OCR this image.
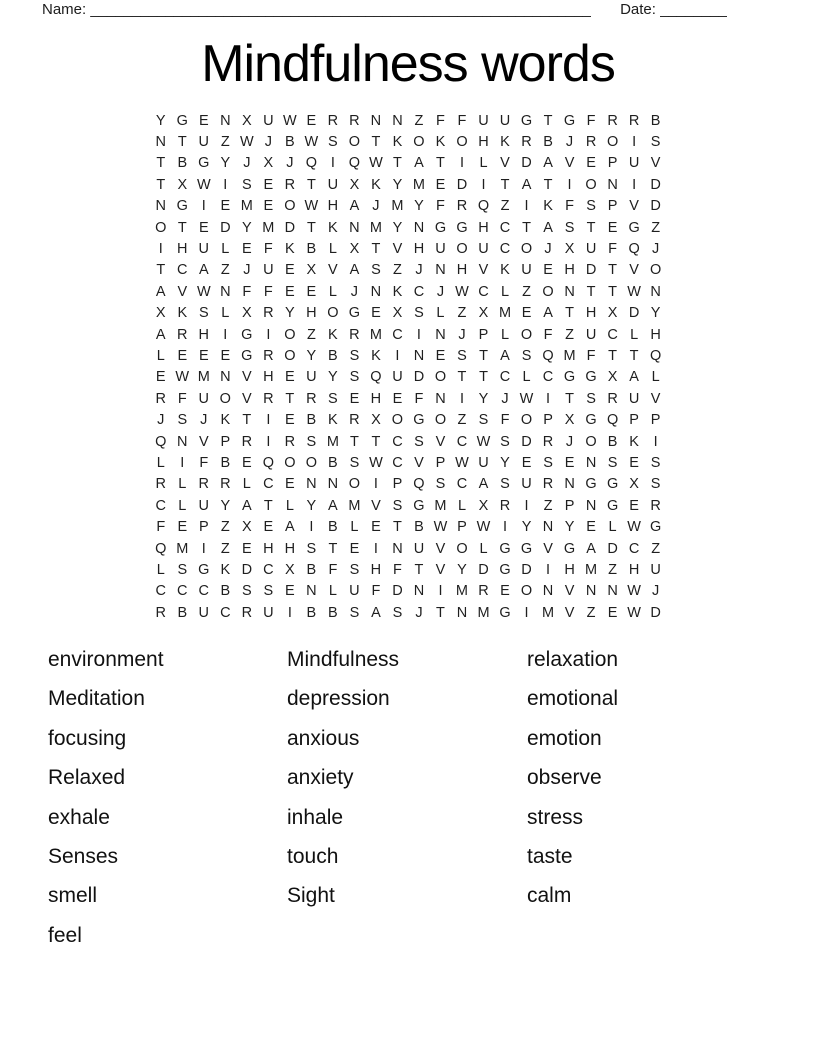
Name: ____________________________________________________________ Date: ________
Mindfulness words
Y G E N X U W E R R N N Z F F U U G T G F R R B
N T U Z W J B W S O T K O K O H K R B J R O I	S
T B G Y J X J Q I Q W T A T	I	L V D A V E P U V
T X W I	S E R T U X K Y M E D I	T A T	I O N I D
N G I	E M E O W H A J M Y F R Q Z	I	K F S P V D
O T E D Y M D T K N M Y N G G H C T A S T E G Z
I H U L E F K B L X T V H U O U C O J X U F Q J
T C A Z J U E X V A S Z J N H V K U E H D T V O
A V W N F F E E L J N K C J W C L Z O N T T W N
X K S L X R Y H O G E X S L Z X M E A T H X D Y
A R H I G I O Z K R M C I N J P L O F Z U C L H
L E E E G R O Y B S K	I N E S T A S Q M F T T Q
E W M N V H E U Y S Q U D O T T C L C G G X A L
R F U O V R T R S E H E F N I	Y J W I	T S R U V
J S J K T	I	E B K R X O G O Z S F O P X G Q P P
Q N V P R I R S M T T C S V C W S D R J O B K	I
L	I	F B E Q O O B S W C V P W U Y E S E N S E S
R L R R L C E N N O I	P Q S C A S U R N G G X S
C L U Y A T L Y A M V S G M L X R I	Z P N G E R
F E P Z X E A	I	B L E T B W P W I	Y N Y E L W G
Q M I	Z E H H S T E	I N U V O L G G V G A D C Z
L S G K D C X B F S H F T V Y D G D I H M Z H U
C C C B S S E N L U F D N I M R E O N V N N W J
R B U C R U I	B B S A S J T N M G I M V Z E W D
environment
Meditation
focusing
Relaxed
exhale
Senses
smell
feel
Mindfulness
depression
anxious
anxiety
inhale
touch
Sight
relaxation
emotional
emotion
observe
stress
taste
calm
